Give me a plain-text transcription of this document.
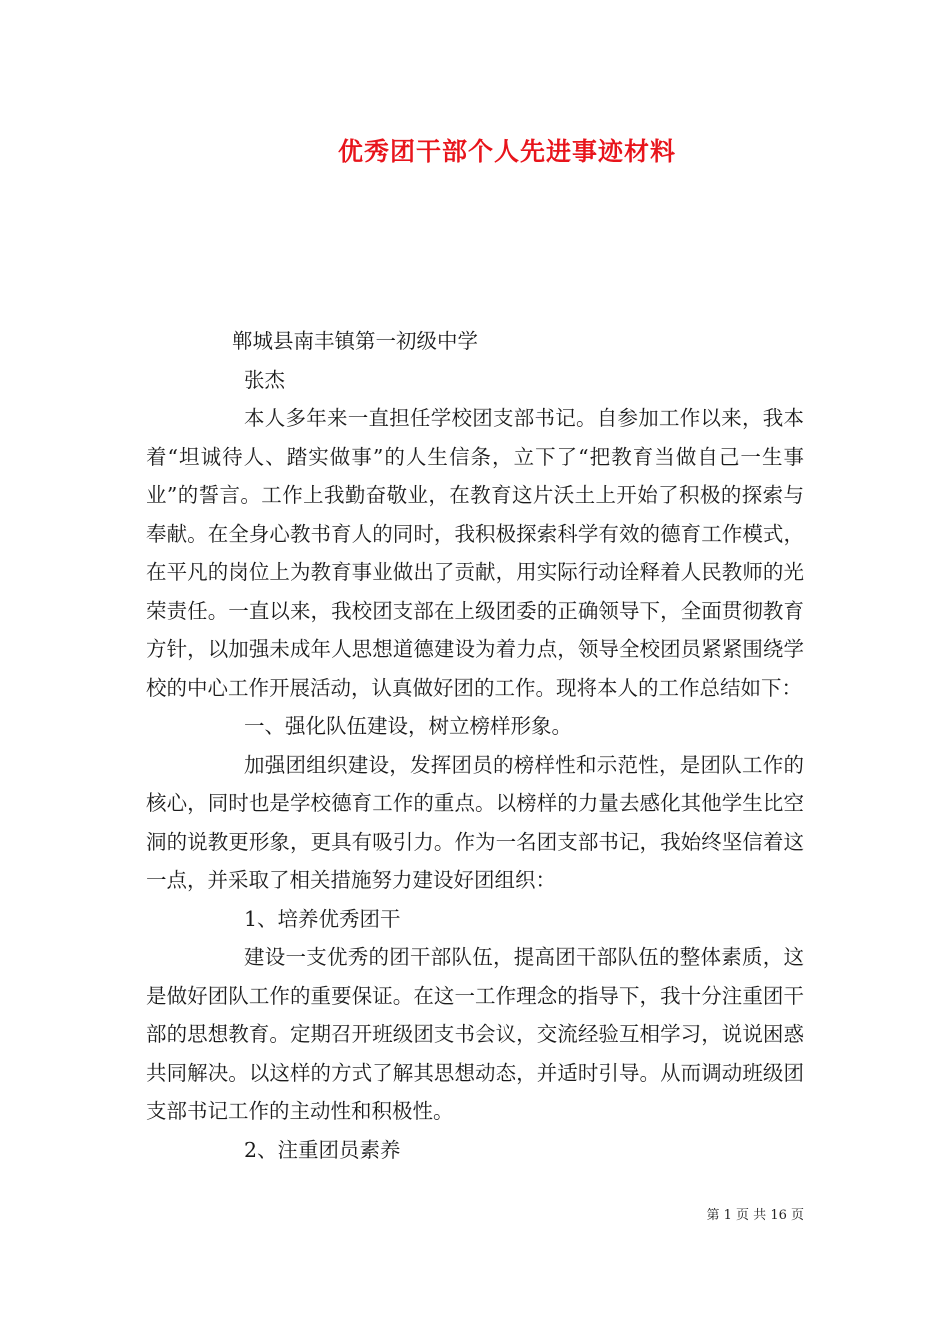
优秀团干部个人先进事迹材料

郸城县南丰镇第一初级中学

张杰

本人多年来一直担任学校团支部书记。自参加工作以来，我本着“坦诚待人、踏实做事”的人生信条，立下了“把教育当做自己一生事业”的誓言。工作上我勤奋敬业，在教育这片沃土上开始了积极的探索与奉献。在全身心教书育人的同时，我积极探索科学有效的德育工作模式，在平凡的岗位上为教育事业做出了贡献，用实际行动诠释着人民教师的光荣责任。一直以来，我校团支部在上级团委的正确领导下，全面贯彻教育方针，以加强未成年人思想道德建设为着力点，领导全校团员紧紧围绕学校的中心工作开展活动，认真做好团的工作。现将本人的工作总结如下：

一、强化队伍建设，树立榜样形象。

加强团组织建设，发挥团员的榜样性和示范性，是团队工作的核心，同时也是学校德育工作的重点。以榜样的力量去感化其他学生比空洞的说教更形象，更具有吸引力。作为一名团支部书记，我始终坚信着这一点，并采取了相关措施努力建设好团组织：

1、培养优秀团干

建设一支优秀的团干部队伍，提高团干部队伍的整体素质，这是做好团队工作的重要保证。在这一工作理念的指导下，我十分注重团干部的思想教育。定期召开班级团支书会议，交流经验互相学习，说说困惑共同解决。以这样的方式了解其思想动态，并适时引导。从而调动班级团支部书记工作的主动性和积极性。

2、注重团员素养

第 1 页 共 16 页
